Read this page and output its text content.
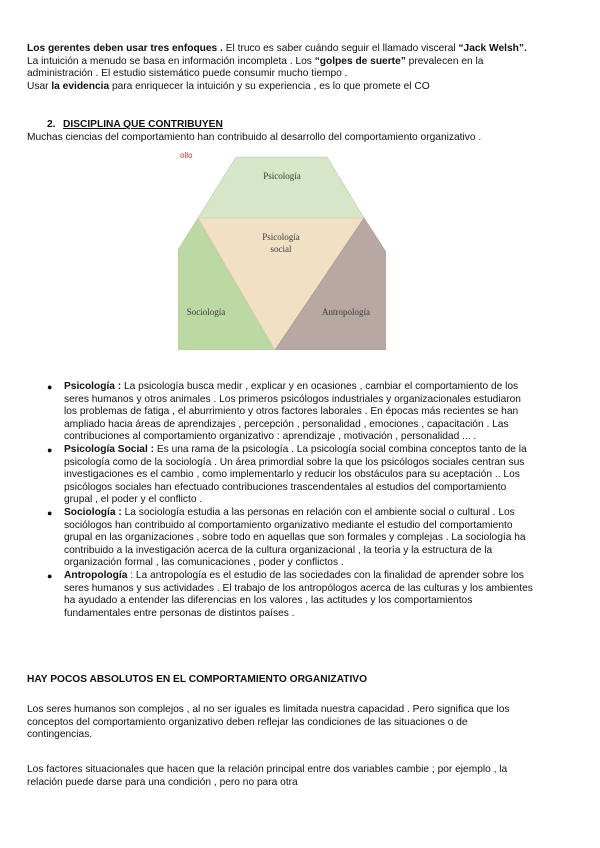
Los gerentes deben usar tres enfoques . El truco es saber cuándo seguir el llamado visceral “Jack Welsh”.

La intuición a menudo se basa en información incompleta . Los “golpes de suerte” prevalecen en la

administración . El estudio sistemático puede consumir mucho tiempo .

Usar la evidencia para enriquecer la intuición y su experiencia , es lo que promete el CO

2. DISCIPLINA QUE CONTRIBUYEN
Muchas ciencias del comportamiento han contribuido al desarrollo del comportamiento organizativo .
ollo
Psicología
Psicología
social
Sociología	Antropología

● Psicología : La psicología busca medir , explicar y en ocasiones , cambiar el comportamiento de los

seres humanos y otros animales . Los primeros psicólogos industriales y organizacionales estudiaron

los problemas de fatiga , el aburrimiento y otros factores laborales . En épocas más recientes se han

ampliado hacia áreas de aprendizajes , percepción , personalidad , emociones , capacitación . Las

contribuciones al comportamiento organizativo : aprendizaje , motivación , personalidad ... .

● Psicología Social : Es una rama de la psicología . La psicología social combina conceptos tanto de la

psicología como de la sociología . Un área primordial sobre la que los psicólogos sociales centran sus

investigaciones es el cambio , como implementarlo y reducir los obstáculos para su aceptación .. Los

psicólogos sociales han efectuado contribuciones trascendentales al estudios del comportamiento

grupal , el poder y el conflicto .

● Sociología : La sociología estudia a las personas en relación con el ambiente social o cultural . Los

sociólogos han contribuido al comportamiento organizativo mediante el estudio del comportamiento

grupal en las organizaciones , sobre todo en aquellas que son formales y complejas . La sociología ha

contribuido a la investigación acerca de la cultura organizacional , la teoría y la estructura de la

organización formal , las comunicaciones , poder y conflictos .

● Antropología : La antropología es el estudio de las sociedades con la finalidad de aprender sobre los

seres humanos y sus actividades . El trabajo de los antropólogos acerca de las culturas y los ambientes

ha ayudado a entender las diferencias en los valores , las actitudes y los comportamientos

fundamentales entre personas de distintos países .

HAY POCOS ABSOLUTOS EN EL COMPORTAMIENTO ORGANIZATIVO

Los seres humanos son complejos , al no ser iguales es limitada nuestra capacidad . Pero significa que los

conceptos del comportamiento organizativo deben reflejar las condiciones de las situaciones o de

contingencias.

Los factores situacionales que hacen que la relación principal entre dos variables cambie ; por ejemplo , la

relación puede darse para una condición , pero no para otra
